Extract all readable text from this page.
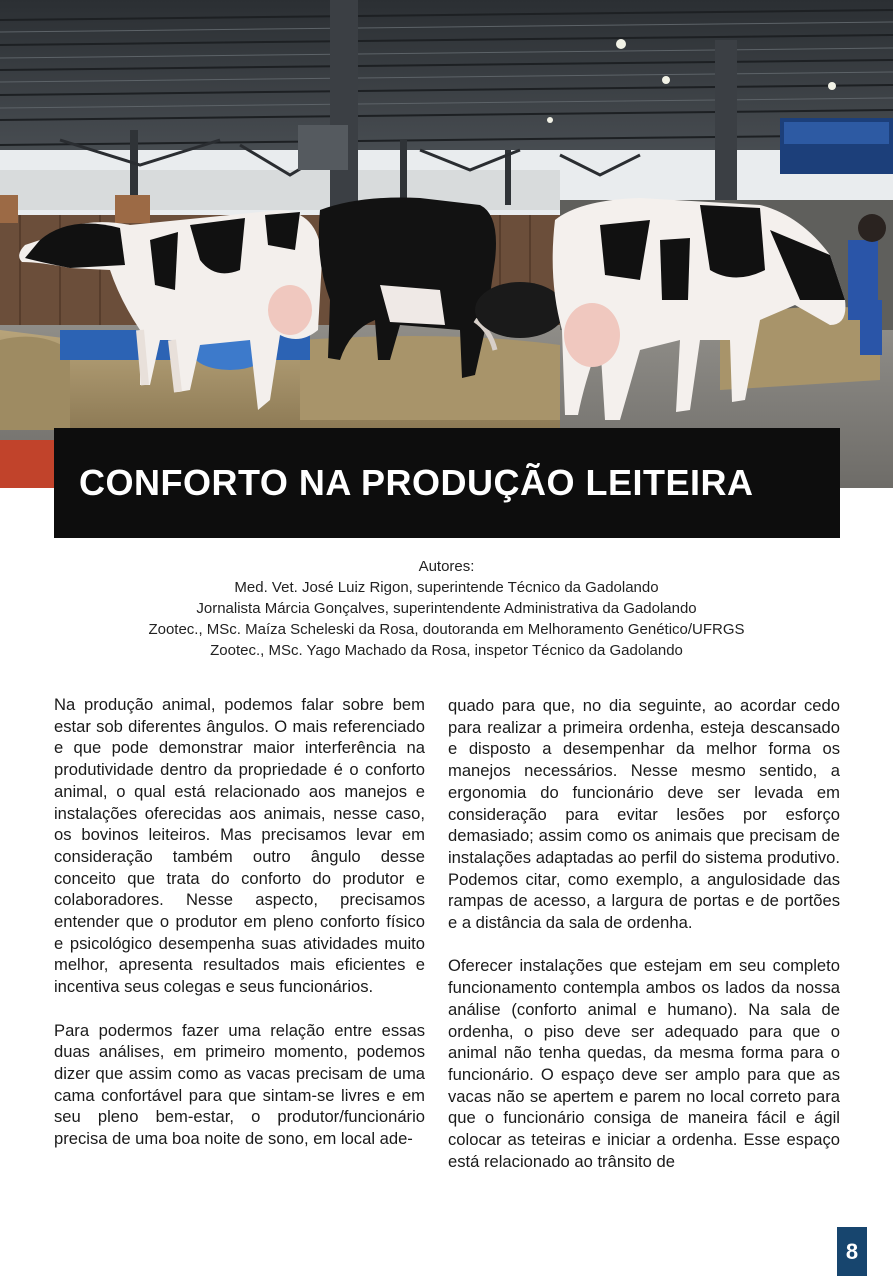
CONFORTO NA PRODUÇÃO LEITEIRA
Autores:
Med. Vet. José Luiz Rigon, superintende Técnico da Gadolando
Jornalista Márcia Gonçalves, superintendente Administrativa da Gadolando
Zootec., MSc. Maíza Scheleski da Rosa, doutoranda em Melhoramento Genético/UFRGS
Zootec., MSc. Yago Machado da Rosa, inspetor Técnico da Gadolando

Na produção animal, podemos falar sobre bem estar sob diferentes ângulos. O mais referenciado e que pode demonstrar maior interferência na produtividade dentro da propriedade é o conforto animal, o qual está relacionado aos manejos e instalações oferecidas aos animais, nesse caso, os bovinos leiteiros. Mas precisamos levar em consideração também outro ângulo desse conceito que trata do conforto do produtor e colaboradores. Nesse aspecto, precisamos entender que o produtor em pleno conforto físico e psicológico desempenha suas atividades muito melhor, apresenta resultados mais eficientes e incentiva seus colegas e seus funcionários.

Para podermos fazer uma relação entre essas duas análises, em primeiro momento, podemos dizer que assim como as vacas precisam de uma cama confortável para que sintam-se livres e em seu pleno bem-estar, o produtor/funcionário precisa de uma boa noite de sono, em local ade-

quado para que, no dia seguinte, ao acordar cedo para realizar a primeira ordenha, esteja descansado e disposto a desempenhar da melhor forma os manejos necessários. Nesse mesmo sentido, a ergonomia do funcionário deve ser levada em consideração para evitar lesões por esforço demasiado; assim como os animais que precisam de instalações adaptadas ao perfil do sistema produtivo. Podemos citar, como exemplo, a angulosidade das rampas de acesso, a largura de portas e de portões e a distância da sala de ordenha.

Oferecer instalações que estejam em seu completo funcionamento contempla ambos os lados da nossa análise (conforto animal e humano). Na sala de ordenha, o piso deve ser adequado para que o animal não tenha quedas, da mesma forma para o funcionário. O espaço deve ser amplo para que as vacas não se apertem e parem no local correto para que o funcionário consiga de maneira fácil e ágil colocar as teteiras e iniciar a ordenha. Esse espaço está relacionado ao trânsito de

8
